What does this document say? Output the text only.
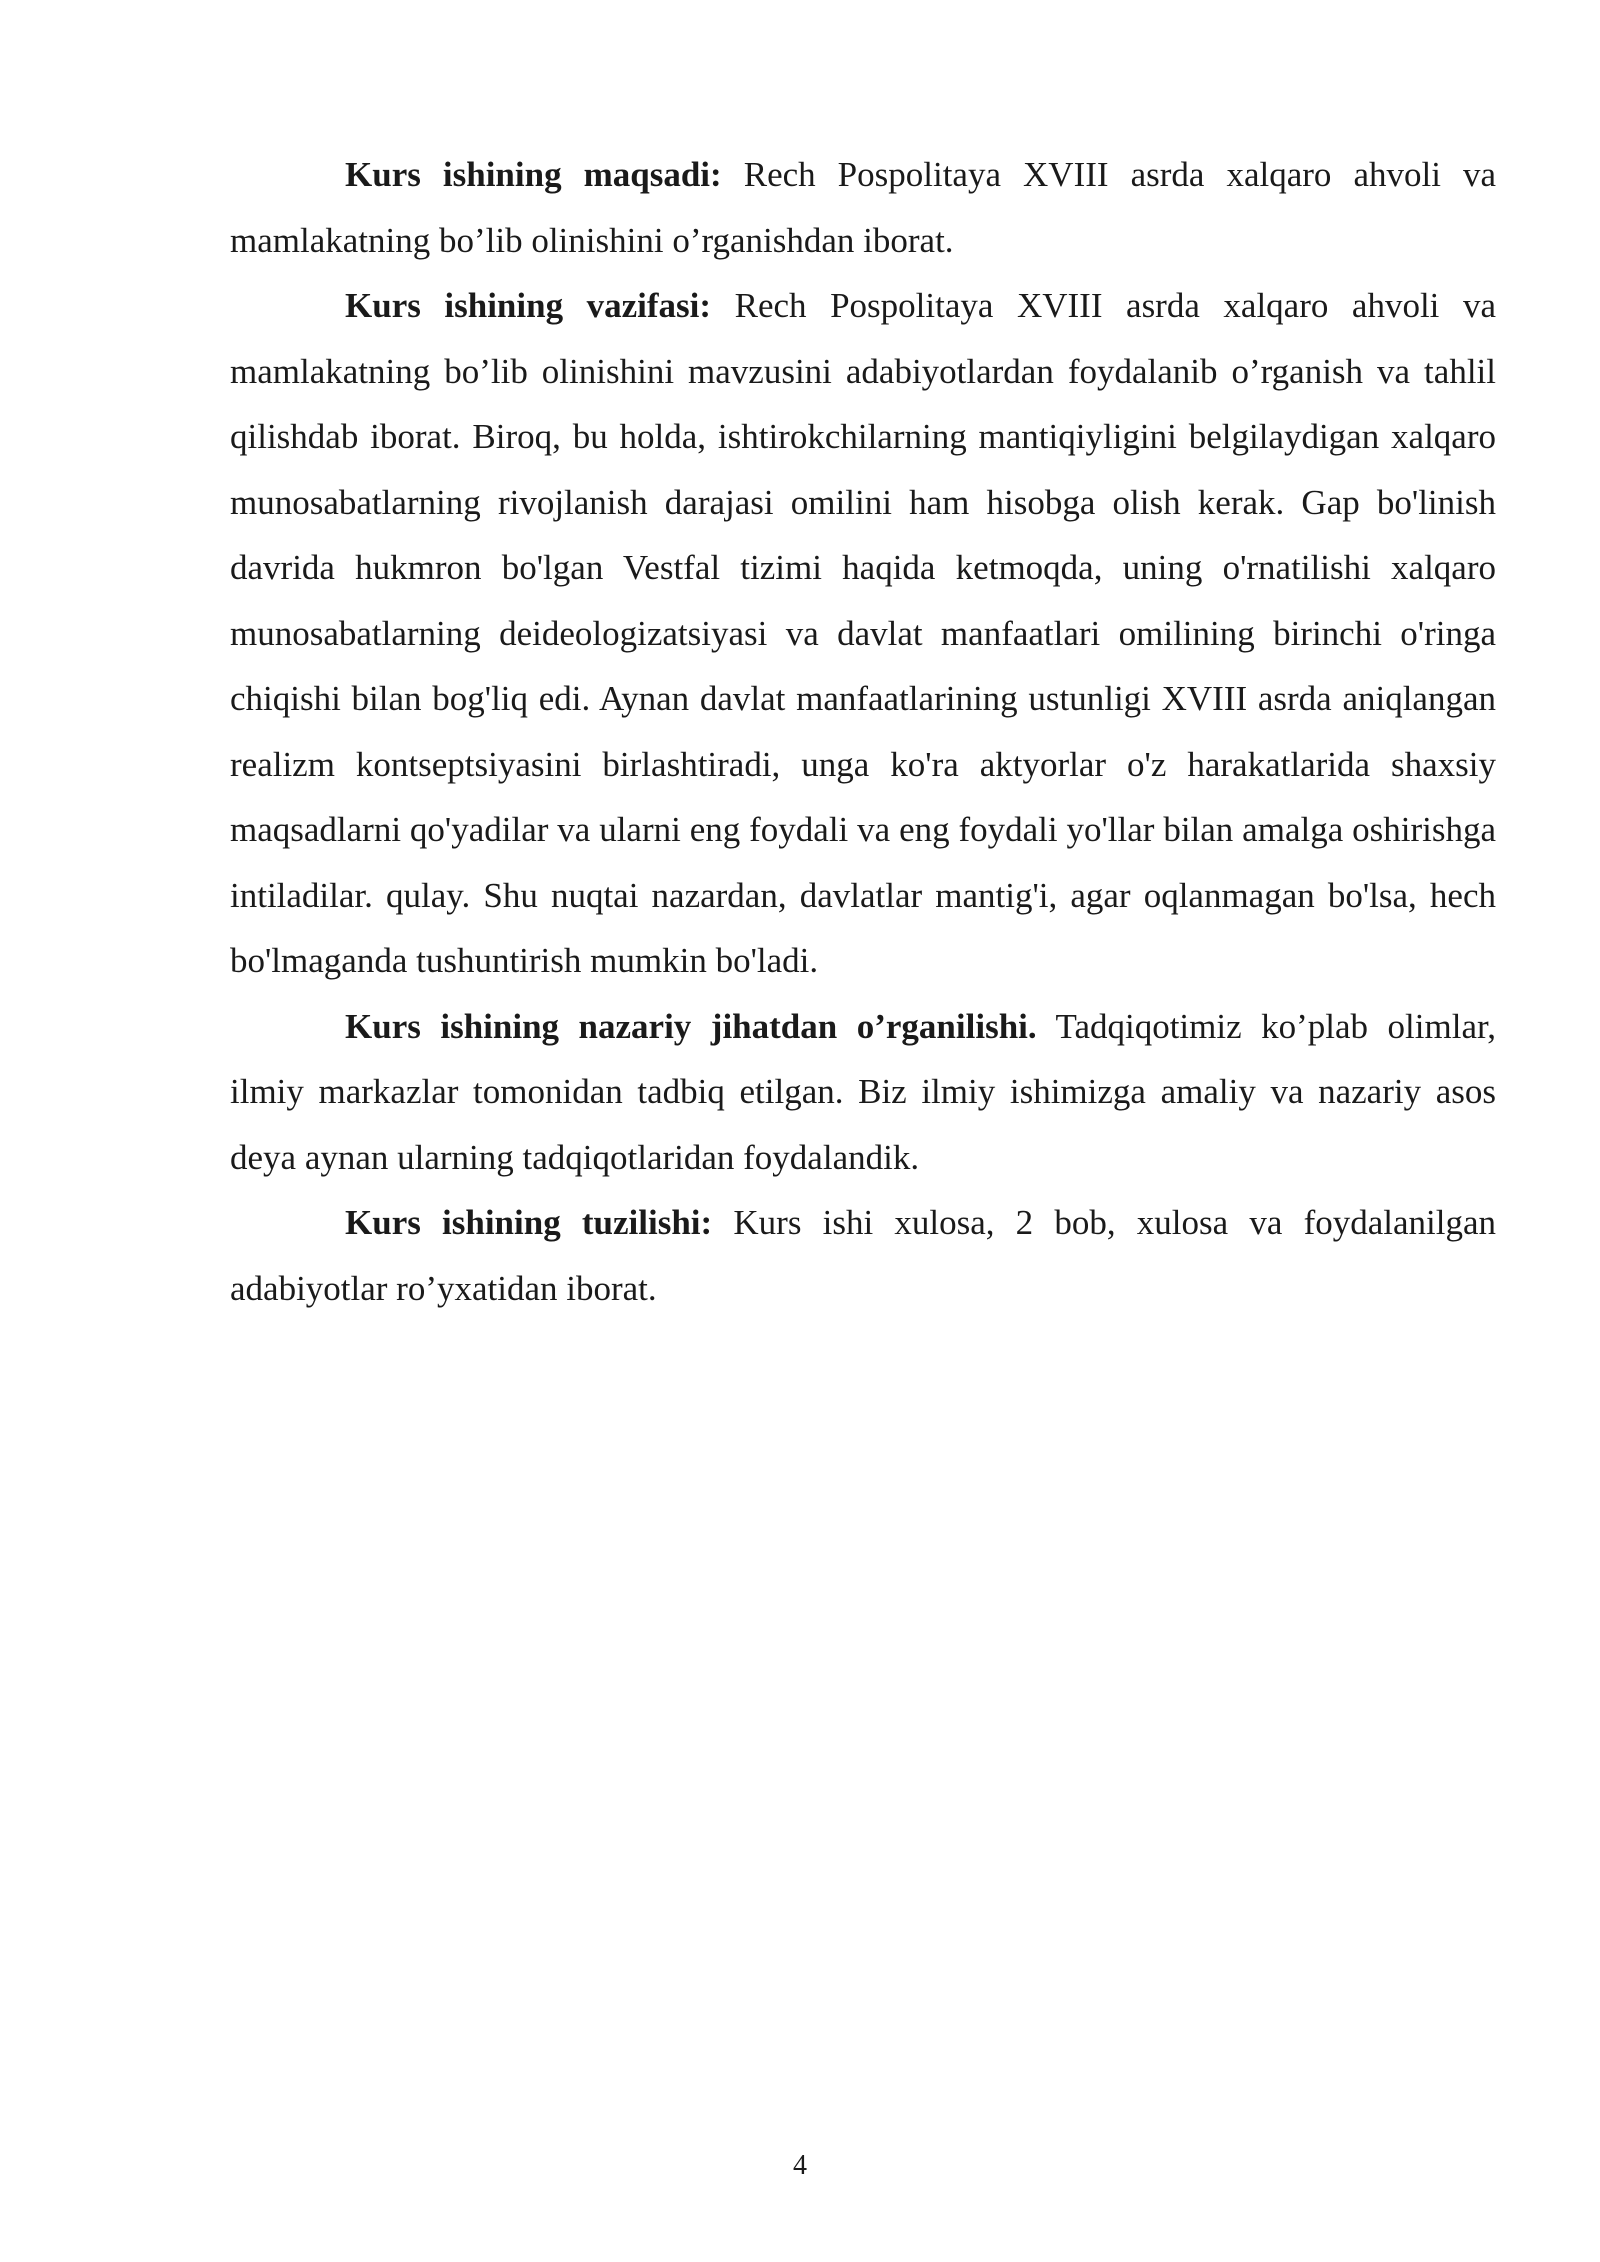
Kurs ishining maqsadi: Rech Pospolitaya XVIII asrda xalqaro ahvoli va mamlakatning bo’lib olinishini o’rganishdan iborat.

Kurs ishining vazifasi: Rech Pospolitaya XVIII asrda xalqaro ahvoli va mamlakatning bo’lib olinishini mavzusini adabiyotlardan foydalanib o’rganish va tahlil qilishdab iborat. Biroq, bu holda, ishtirokchilarning mantiqiyligini belgilaydigan xalqaro munosabatlarning rivojlanish darajasi omilini ham hisobga olish kerak. Gap bo'linish davrida hukmron bo'lgan Vestfal tizimi haqida ketmoqda, uning o'rnatilishi xalqaro munosabatlarning deideologizatsiyasi va davlat manfaatlari omilining birinchi o'ringa chiqishi bilan bog'liq edi. Aynan davlat manfaatlarining ustunligi XVIII asrda aniqlangan realizm kontseptsiyasini birlashtiradi, unga ko'ra aktyorlar o'z harakatlarida shaxsiy maqsadlarni qo'yadilar va ularni eng foydali va eng foydali yo'llar bilan amalga oshirishga intiladilar. qulay. Shu nuqtai nazardan, davlatlar mantig'i, agar oqlanmagan bo'lsa, hech bo'lmaganda tushuntirish mumkin bo'ladi.

Kurs ishining nazariy jihatdan o’rganilishi. Tadqiqotimiz ko’plab olimlar, ilmiy markazlar tomonidan tadbiq etilgan. Biz ilmiy ishimizga amaliy va nazariy asos deya aynan ularning tadqiqotlaridan foydalandik.

Kurs ishining tuzilishi: Kurs ishi xulosa, 2 bob, xulosa va foydalanilgan adabiyotlar ro’yxatidan iborat.

4
